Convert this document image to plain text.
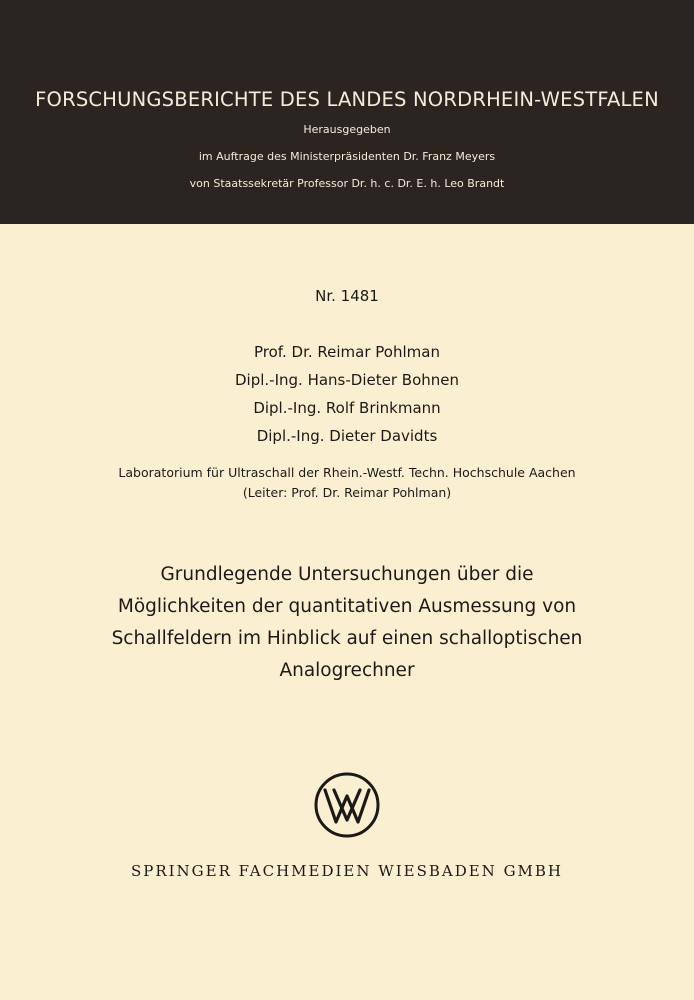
FORSCHUNGSBERICHTE DES LANDES NORDRHEIN-WESTFALEN
Herausgegeben
im Auftrage des Ministerpräsidenten Dr. Franz Meyers
von Staatssekretär Professor Dr. h. c. Dr. E. h. Leo Brandt
Nr. 1481
Prof. Dr. Reimar Pohlman
Dipl.-Ing. Hans-Dieter Bohnen
Dipl.-Ing. Rolf Brinkmann
Dipl.-Ing. Dieter Davidts
Laboratorium für Ultraschall der Rhein.-Westf. Techn. Hochschule Aachen
(Leiter: Prof. Dr. Reimar Pohlman)
Grundlegende Untersuchungen über die
Möglichkeiten der quantitativen Ausmessung von
Schallfeldern im Hinblick auf einen schalloptischen
Analogrechner
SPRINGER FACHMEDIEN WIESBADEN GMBH
